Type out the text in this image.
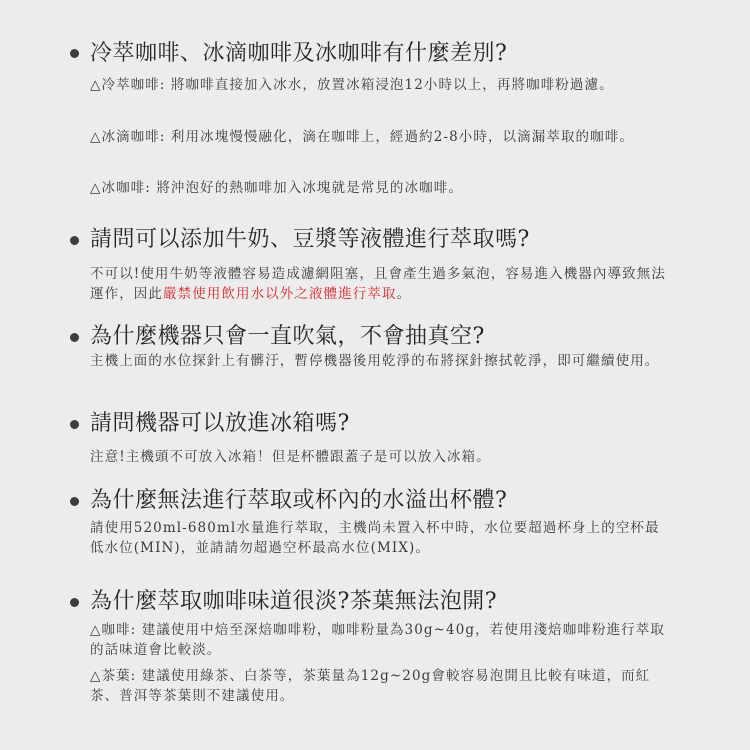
冷萃咖啡、冰滴咖啡及冰咖啡有什麼差別?

△冷萃咖啡: 將咖啡直接加入冰水，放置冰箱浸泡12小時以上，再將咖啡粉過濾。

△冰滴咖啡: 利用冰塊慢慢融化，滴在咖啡上，經過約2-8小時，以滴漏萃取的咖啡。

△冰咖啡: 將沖泡好的熱咖啡加入冰塊就是常見的冰咖啡。

請問可以添加牛奶、豆漿等液體進行萃取嗎?

不可以!使用牛奶等液體容易造成濾網阻塞，且會產生過多氣泡，容易進入機器內導致無法運作，因此嚴禁使用飲用水以外之液體進行萃取。

為什麼機器只會一直吹氣，不會抽真空?

主機上面的水位探針上有髒汙，暫停機器後用乾淨的布將探針擦拭乾淨，即可繼續使用。

請問機器可以放進冰箱嗎?

注意!主機頭不可放入冰箱！但是杯體跟蓋子是可以放入冰箱。

為什麼無法進行萃取或杯內的水溢出杯體?

請使用520ml-680ml水量進行萃取，主機尚未置入杯中時，水位要超過杯身上的空杯最低水位(MIN)，並請請勿超過空杯最高水位(MIX)。

為什麼萃取咖啡味道很淡?茶葉無法泡開?

△咖啡: 建議使用中焙至深焙咖啡粉，咖啡粉量為30g~40g，若使用淺焙咖啡粉進行萃取的話味道會比較淡。

△茶葉: 建議使用綠茶、白茶等，茶葉量為12g~20g會較容易泡開且比較有味道，而紅茶、普洱等茶葉則不建議使用。
